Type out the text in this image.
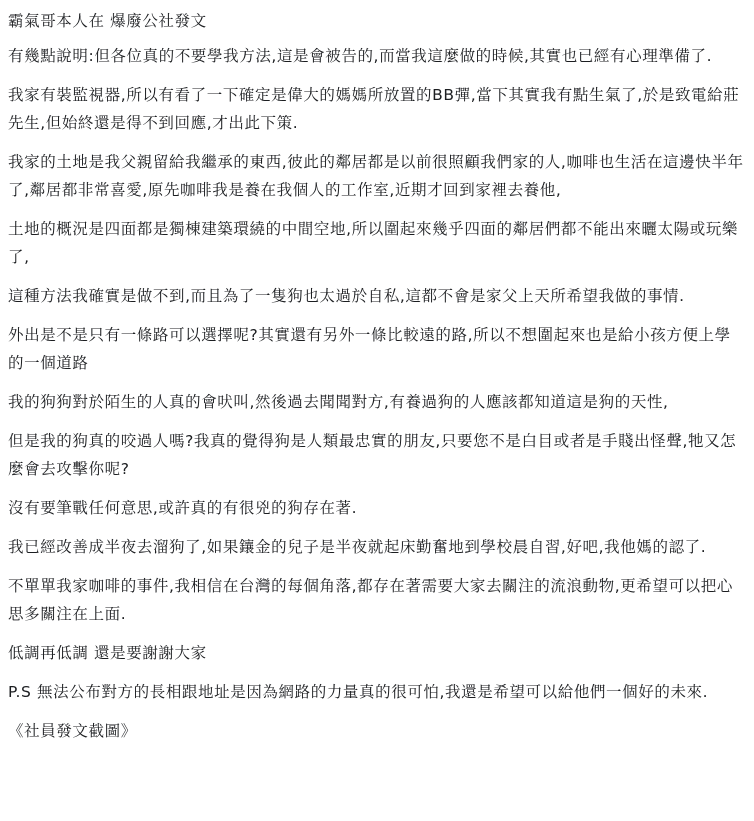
霸氣哥本人在 爆廢公社發文
有幾點說明:但各位真的不要學我方法,這是會被告的,而當我這麼做的時候,其實也已經有心理準備了.
我家有裝監視器,所以有看了一下確定是偉大的媽媽所放置的BB彈,當下其實我有點生氣了,於是致電給莊先生,但始終還是得不到回應,才出此下策.
我家的土地是我父親留給我繼承的東西,彼此的鄰居都是以前很照顧我們家的人,咖啡也生活在這邊快半年了,鄰居都非常喜愛,原先咖啡我是養在我個人的工作室,近期才回到家裡去養他,
土地的概況是四面都是獨棟建築環繞的中間空地,所以圍起來幾乎四面的鄰居們都不能出來曬太陽或玩樂了,
這種方法我確實是做不到,而且為了一隻狗也太過於自私,這都不會是家父上天所希望我做的事情.
外出是不是只有一條路可以選擇呢?其實還有另外一條比較遠的路,所以不想圍起來也是給小孩方便上學的一個道路
我的狗狗對於陌生的人真的會吠叫,然後過去聞聞對方,有養過狗的人應該都知道這是狗的天性,
但是我的狗真的咬過人嗎?我真的覺得狗是人類最忠實的朋友,只要您不是白目或者是手賤出怪聲,牠又怎麼會去攻擊你呢?
沒有要筆戰任何意思,或許真的有很兇的狗存在著.
我已經改善成半夜去溜狗了,如果鑲金的兒子是半夜就起床勤奮地到學校晨自習,好吧,我他媽的認了.
不單單我家咖啡的事件,我相信在台灣的每個角落,都存在著需要大家去關注的流浪動物,更希望可以把心思多關注在上面.
低調再低調 還是要謝謝大家
P.S 無法公布對方的長相跟地址是因為網路的力量真的很可怕,我還是希望可以給他們一個好的未來.
《社員發文截圖》
